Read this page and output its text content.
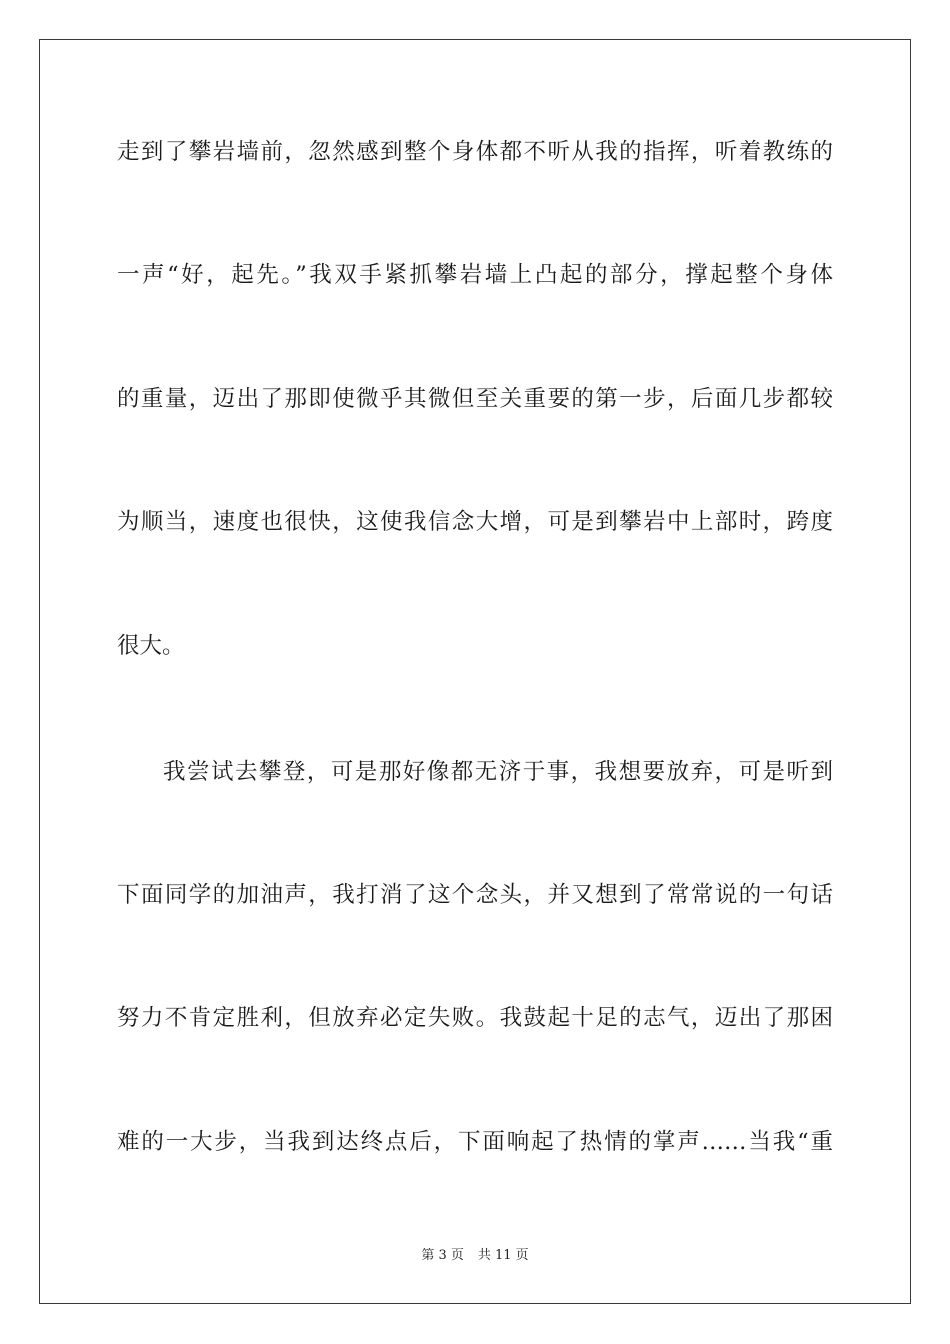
走到了攀岩墙前，忽然感到整个身体都不听从我的指挥，听着教练的
一声“好，起先。”我双手紧抓攀岩墙上凸起的部分，撑起整个身体
的重量，迈出了那即使微乎其微但至关重要的第一步，后面几步都较
为顺当，速度也很快，这使我信念大增，可是到攀岩中上部时，跨度
很大。
我尝试去攀登，可是那好像都无济于事，我想要放弃，可是听到
下面同学的加油声，我打消了这个念头，并又想到了常常说的一句话
努力不肯定胜利，但放弃必定失败。我鼓起十足的志气，迈出了那困
难的一大步，当我到达终点后，下面响起了热情的掌声……当我“重
第 3 页 共 11 页
